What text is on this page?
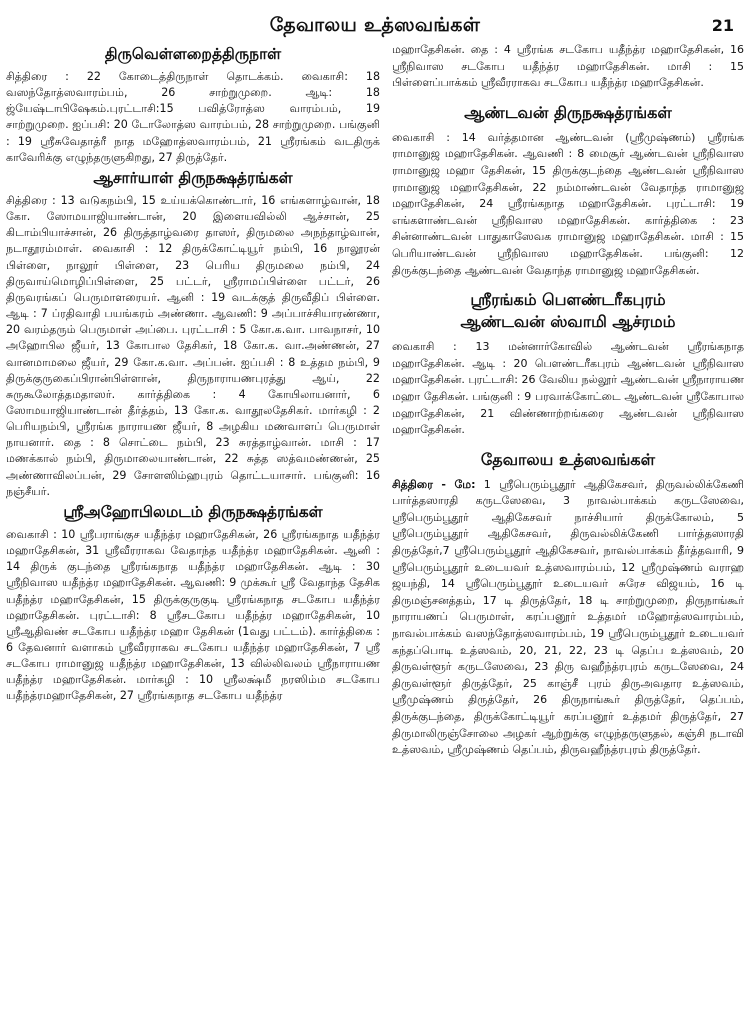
தேவாலய உத்ஸவங்கள்	21
திருவெள்ளறைத்திருநாள்

சித்திரை : 22 கோடைத்திருநாள் தொடக்கம். வைகாசி: 18 வஸந்தோத்ஸவாரம்பம், 26 சாற்றுமுறை. ஆடி: 18 ஜ்யேஷ்டாபிஷேகம்.புரட்டாசி:15 பவித்ரோத்ஸ வாரம்பம், 19 சாற்றுமுறை. ஐப்பசி: 20 டோலோத்ஸ வாரம்பம், 28 சாற்றுமுறை. பங்குனி : 19 ஸ்ரீசுவேதாத்ரீ நாத மஹோத்ஸவாரம்பம், 21 ஸ்ரீரங்கம் வடதிருக் காவேரிக்கு எழுந்தருளுகிறது, 27 திருத்தேர்.

ஆசார்யாள் திருநக்ஷத்ரங்கள்

சித்திரை : 13 வடுகநம்பி, 15 உய்யக்கொண்டார், 16 எங்களாழ்வான், 18 கோ. ஸோமயாஜியாண்டான், 20 இளையவில்லி ஆச்சான், 25 கிடாம்பியாச்சான், 26 திருத்தாழ்வரை தாஸர், திருமலை அநந்தாழ்வான், நடாதூரம்மாள். வைகாசி : 12 திருக்கோட்டியூர் நம்பி, 16 நாலூரன் பிள்ளை, நாலூர் பிள்ளை, 23 பெரிய திருமலை நம்பி, 24 திருவாய்மொழிப்பிள்ளை, 25 பட்டர், ஸ்ரீராமப்பிள்ளை பட்டர், 26 திருவரங்கப் பெருமாளரையர். ஆனி : 19 வடக்குத் திருவீதிப் பிள்ளை. ஆடி : 7 ப்ரதிவாதி பயங்கரம் அண்ணா. ஆவணி: 9 அப்பாச்சியாரண்ணா, 20 வரம்தரும் பெருமாள் அப்பை. புரட்டாசி : 5 கோ.க.வா. பாவநாசர், 10 அஹோபில ஜீயர், 13 கோபால தேசிகர், 18 கோ.க. வா.அண்ணன், 27 வானமாமலை ஜீயர், 29 கோ.க.வா. அப்பன். ஐப்பசி : 8 உத்தம நம்பி, 9 திருக்குருகைப்பிரான்பிள்ளான், திருநாராயணபுரத்து ஆய், 22 சுருகூலோத்தமதாஸர். கார்த்திகை : 4 கோயிலாயனார், 6 ஸோமயாஜியாண்டான் தீர்த்தம், 13 கோ.க. வாதூலதேசிகர். மார்கழி : 2 பெரியநம்பி, ஸ்ரீரங்க நாராயண ஜீயர், 8 அழகிய மணவாளப் பெருமாள் நாயனார். தை : 8 சொட்டை நம்பி, 23 சுரத்தாழ்வான். மாசி : 17 மணக்கால் நம்பி, திருமாலையாண்டான், 22 சுத்த ஸத்வமண்ணன், 25 அண்ணாவிலப்பன், 29 சோளஸிம்ஹபுரம் தொட்டயாசார். பங்குனி: 16 நஞ்சீயர்.

ஸ்ரீஅஹோபிலமடம் திருநக்ஷத்ரங்கள்

வைகாசி : 10 ஸ்ரீபராங்குச யதீந்த்ர மஹாதேசிகன், 26 ஸ்ரீரங்கநாத யதீந்த்ர மஹாதேசிகன், 31 ஸ்ரீவீரராகவ வேதாந்த யதீந்த்ர மஹாதேசிகன். ஆனி : 14 திருக் குடந்தை ஸ்ரீரங்கநாத யதீந்த்ர மஹாதேசிகன். ஆடி : 30 ஸ்ரீநிவாஸ யதீந்த்ர மஹாதேசிகன். ஆவணி: 9 முக்கூர் ஸ்ரீ வேதாந்த தேசிக யதீந்த்ர மஹாதேசிகன், 15 திருக்குருகுடி ஸ்ரீரங்கநாத சடகோப யதீந்த்ர மஹாதேசிகன். புரட்டாசி: 8 ஸ்ரீசடகோப யதீந்த்ர மஹாதேசிகன், 10 ஸ்ரீஆதிவண் சடகோப யதீந்த்ர மஹா தேசிகன் (1வது பட்டம்). கார்த்திகை : 6 தேவனார் வளாகம் ஸ்ரீவீரராகவ சடகோப யதீந்த்ர மஹாதேசிகன், 7 ஸ்ரீ சடகோப ராமானுஜ யதீந்த்ர மஹாதேசிகன், 13 வில்லிவலம் ஸ்ரீநாராயண யதீந்த்ர மஹாதேசிகன். மார்கழி : 10 ஸ்ரீலக்ஷ்மீ நரஸிம்ம சடகோப யதீந்த்ரமஹாதேசிகன், 27 ஸ்ரீரங்கநாத சடகோப யதீந்த்ர

மஹாதேசிகன். தை : 4 ஸ்ரீரங்க சடகோப யதீந்த்ர மஹாதேசிகன், 16 ஸ்ரீநிவாஸ சடகோப யதீந்த்ர மஹாதேசிகன். மாசி : 15 பிள்ளைப்பாக்கம் ஸ்ரீவீரராகவ சடகோப யதீந்த்ர மஹாதேசிகன்.

ஆண்டவன் திருநக்ஷத்ரங்கள்

வைகாசி : 14 வர்த்தமான ஆண்டவன் (ஸ்ரீமுஷ்ணம்) ஸ்ரீரங்க ராமானுஜ மஹாதேசிகன். ஆவணி : 8 மைசூர் ஆண்டவன் ஸ்ரீநிவாஸ ராமானுஜ மஹா தேசிகன், 15 திருக்குடந்தை ஆண்டவன் ஸ்ரீநிவாஸ ராமானுஜ மஹாதேசிகன், 22 நம்மாண்டவன் வேதாந்த ராமானுஜ மஹாதேசிகன், 24 ஸ்ரீரங்கநாத மஹாதேசிகன். புரட்டாசி: 19 எங்களாண்டவன் ஸ்ரீநிவாஸ மஹாதேசிகன். கார்த்திகை : 23 சின்னாண்டவன் பாதுகாஸேவக ராமானுஜ மஹாதேசிகன். மாசி : 15 பெரியாண்டவன் ஸ்ரீநிவாஸ மஹாதேசிகன். பங்குனி: 12 திருக்குடந்தை ஆண்டவன் வேதாந்த ராமானுஜ மஹாதேசிகன்.

ஸ்ரீரங்கம் பௌண்டரீகபுரம்
ஆண்டவன் ஸ்வாமி ஆச்ரமம்

வைகாசி : 13 மன்னார்கோவில் ஆண்டவன் ஸ்ரீரங்கநாத மஹாதேசிகன். ஆடி : 20 பௌண்டரீகபுரம் ஆண்டவன் ஸ்ரீநிவாஸ மஹாதேசிகன். புரட்டாசி: 26 வேலிய நல்லூர் ஆண்டவன் ஸ்ரீநாராயண மஹா தேசிகன். பங்குனி : 9 பரவாக்கோட்டை ஆண்டவன் ஸ்ரீகோபால மஹாதேசிகன், 21 விண்ணாற்றங்கரை ஆண்டவன் ஸ்ரீநிவாஸ மஹாதேசிகன்.

தேவாலய உத்ஸவங்கள்

சித்திரை - மே: 1 ஸ்ரீபெரும்பூதூர் ஆதிகேசவர், திருவல்லிக்கேணி பார்த்தஸாரதி கருடஸேவை, 3 நாவல்பாக்கம் கருடஸேவை, ஸ்ரீபெரும்பூதூர் ஆதிகேசவர் நாச்சியார் திருக்கோலம், 5 ஸ்ரீபெரும்பூதூர் ஆதிகேசவர், திருவல்லிக்கேணி பார்த்தஸாரதி திருத்தேர்,7 ஸ்ரீபெரும்பூதூர் ஆதிகேசவர், நாவல்பாக்கம் தீர்த்தவாரி, 9 ஸ்ரீபெரும்பூதூர் உடையவர் உத்ஸவாரம்பம், 12 ஸ்ரீமுஷ்ணம் வராஹ ஜயந்தி, 14 ஸ்ரீபெரும்பூதூர் உடையவர் சுரேச விஜயம், 16 டி திருமஞ்சனத்தம், 17 டி திருத்தேர், 18 டி சாற்றுமுறை, திருநாங்கூர் நாராயணப் பெருமாள், கரப்பனூர் உத்தமர் மஹோத்ஸவாரம்பம், நாவல்பாக்கம் வஸந்தோத்ஸவாரம்பம், 19 ஸ்ரீபெரும்பூதூர் உடையவர் கந்தப்பொடி உத்ஸவம், 20, 21, 22, 23 டி தெப்ப உத்ஸவம், 20 திருவள்ளூர் கருடஸேவை, 23 திரு வஹீந்த்ரபுரம் கருடஸேவை, 24 திருவள்ளூர் திருத்தேர், 25 காஞ்சீ புரம் திருஅவதார உத்ஸவம், ஸ்ரீமுஷ்ணம் திருத்தேர், 26 திருநாங்கூர் திருத்தேர், தெப்பம், திருக்குடந்தை, திருக்கோட்டியூர் கரப்பனூர் உத்தமர் திருத்தேர், 27 திருமாலிருஞ்சோலை அழகர் ஆற்றுக்கு எழுந்தருளுதல், கஞ்சி நடாவி உத்ஸவம், ஸ்ரீமுஷ்ணம் தெப்பம், திருவஹீந்த்ரபுரம் திருத்தேர்.
